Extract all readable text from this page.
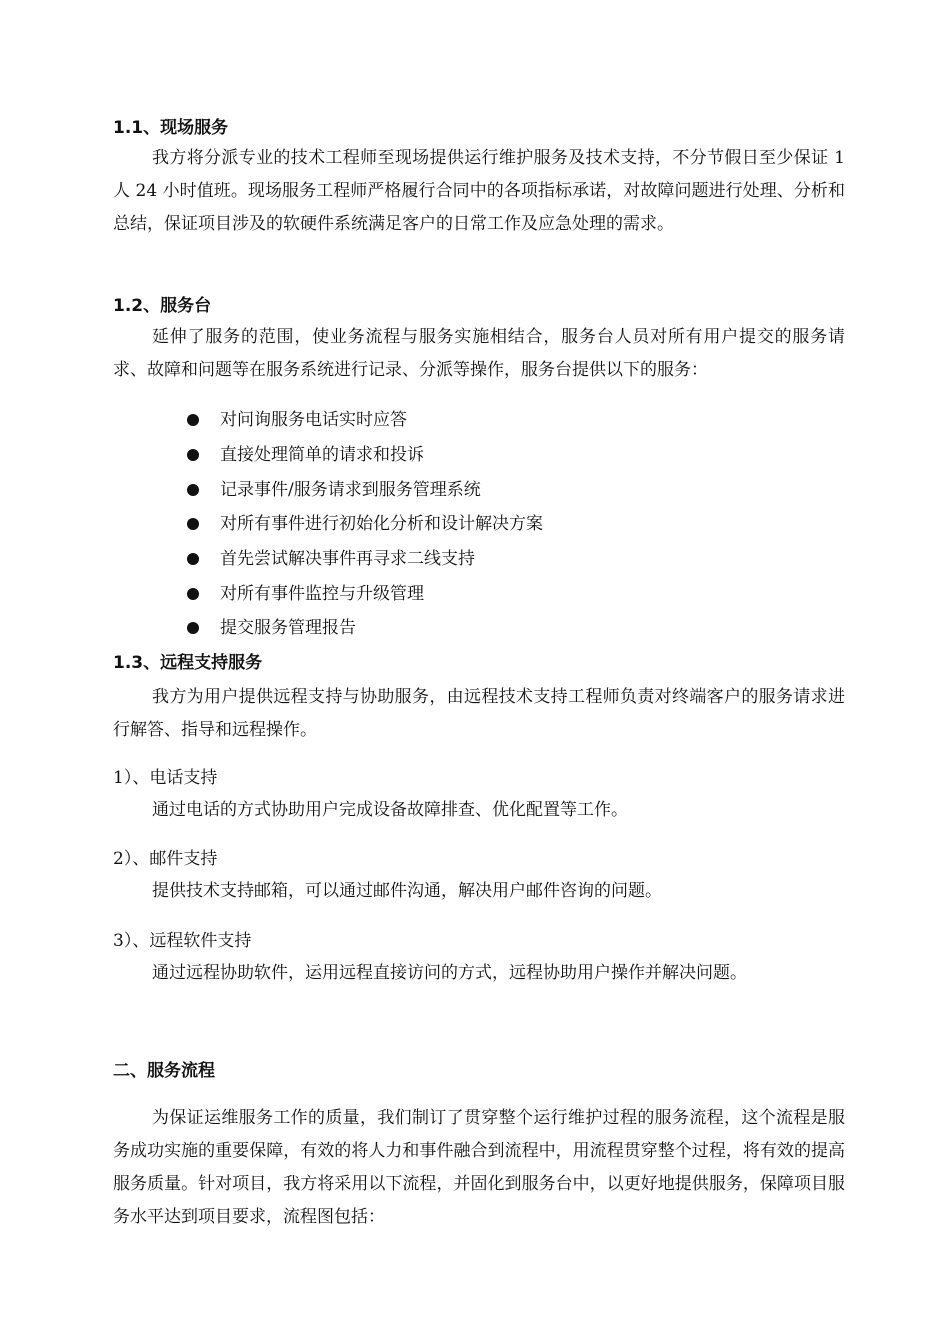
1.1、现场服务
我方将分派专业的技术工程师至现场提供运行维护服务及技术支持，不分节假日至少保证 1 人 24 小时值班。现场服务工程师严格履行合同中的各项指标承诺，对故障问题进行处理、分析和总结，保证项目涉及的软硬件系统满足客户的日常工作及应急处理的需求。
1.2、服务台
延伸了服务的范围，使业务流程与服务实施相结合，服务台人员对所有用户提交的服务请求、故障和问题等在服务系统进行记录、分派等操作，服务台提供以下的服务：
对问询服务电话实时应答
直接处理简单的请求和投诉
记录事件/服务请求到服务管理系统
对所有事件进行初始化分析和设计解决方案
首先尝试解决事件再寻求二线支持
对所有事件监控与升级管理
提交服务管理报告
1.3、远程支持服务
我方为用户提供远程支持与协助服务，由远程技术支持工程师负责对终端客户的服务请求进行解答、指导和远程操作。
1）、电话支持
通过电话的方式协助用户完成设备故障排查、优化配置等工作。
2）、邮件支持
提供技术支持邮箱，可以通过邮件沟通，解决用户邮件咨询的问题。
3）、远程软件支持
通过远程协助软件，运用远程直接访问的方式，远程协助用户操作并解决问题。
二、服务流程
为保证运维服务工作的质量，我们制订了贯穿整个运行维护过程的服务流程，这个流程是服务成功实施的重要保障，有效的将人力和事件融合到流程中，用流程贯穿整个过程，将有效的提高服务质量。针对项目，我方将采用以下流程，并固化到服务台中，以更好地提供服务，保障项目服务水平达到项目要求，流程图包括：
